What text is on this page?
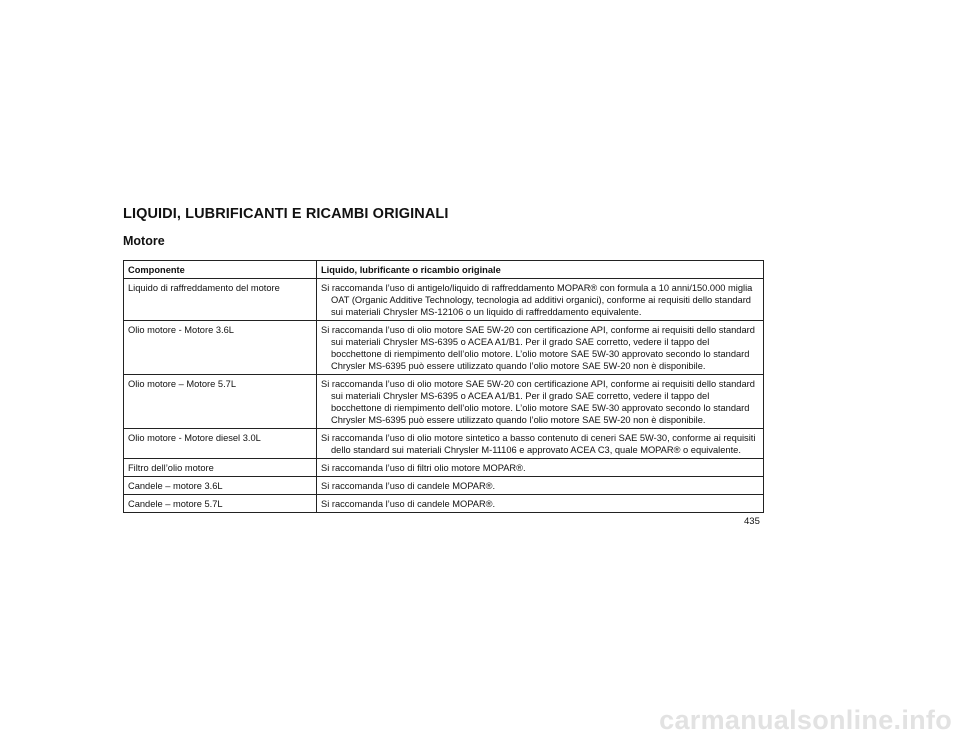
LIQUIDI, LUBRIFICANTI E RICAMBI ORIGINALI
Motore
Componente	Liquido, lubrificante o ricambio originale
Liquido di raffreddamento del motore	Si raccomanda l’uso di antigelo/liquido di raffreddamento MOPAR® con formula a 10 anni/150.000 miglia OAT (Organic Additive Technology, tecnologia ad additivi organici), conforme ai requisiti dello standard sui materiali Chrysler MS-12106 o un liquido di raffreddamento equivalente.
Olio motore - Motore 3.6L	Si raccomanda l’uso di olio motore SAE 5W-20 con certificazione API, conforme ai requisiti dello standard sui materiali Chrysler MS-6395 o ACEA A1/B1. Per il grado SAE corretto, vedere il tappo del bocchettone di riempimento dell’olio motore. L’olio motore SAE 5W-30 approvato secondo lo standard Chrysler MS-6395 può essere utilizzato quando l’olio motore SAE 5W-20 non è disponibile.
Olio motore – Motore 5.7L	Si raccomanda l’uso di olio motore SAE 5W-20 con certificazione API, conforme ai requisiti dello standard sui materiali Chrysler MS-6395 o ACEA A1/B1. Per il grado SAE corretto, vedere il tappo del bocchettone di riempimento dell’olio motore. L’olio motore SAE 5W-30 approvato secondo lo standard Chrysler MS-6395 può essere utilizzato quando l’olio motore SAE 5W-20 non è disponibile.
Olio motore - Motore diesel 3.0L	Si raccomanda l’uso di olio motore sintetico a basso contenuto di ceneri SAE 5W-30, conforme ai requisiti dello standard sui materiali Chrysler M-11106 e approvato ACEA C3, quale MOPAR® o equivalente.
Filtro dell’olio motore	Si raccomanda l’uso di filtri olio motore MOPAR®.
Candele – motore 3.6L	Si raccomanda l’uso di candele MOPAR®.
Candele – motore 5.7L	Si raccomanda l’uso di candele MOPAR®.
435
carmanualsonline.info
